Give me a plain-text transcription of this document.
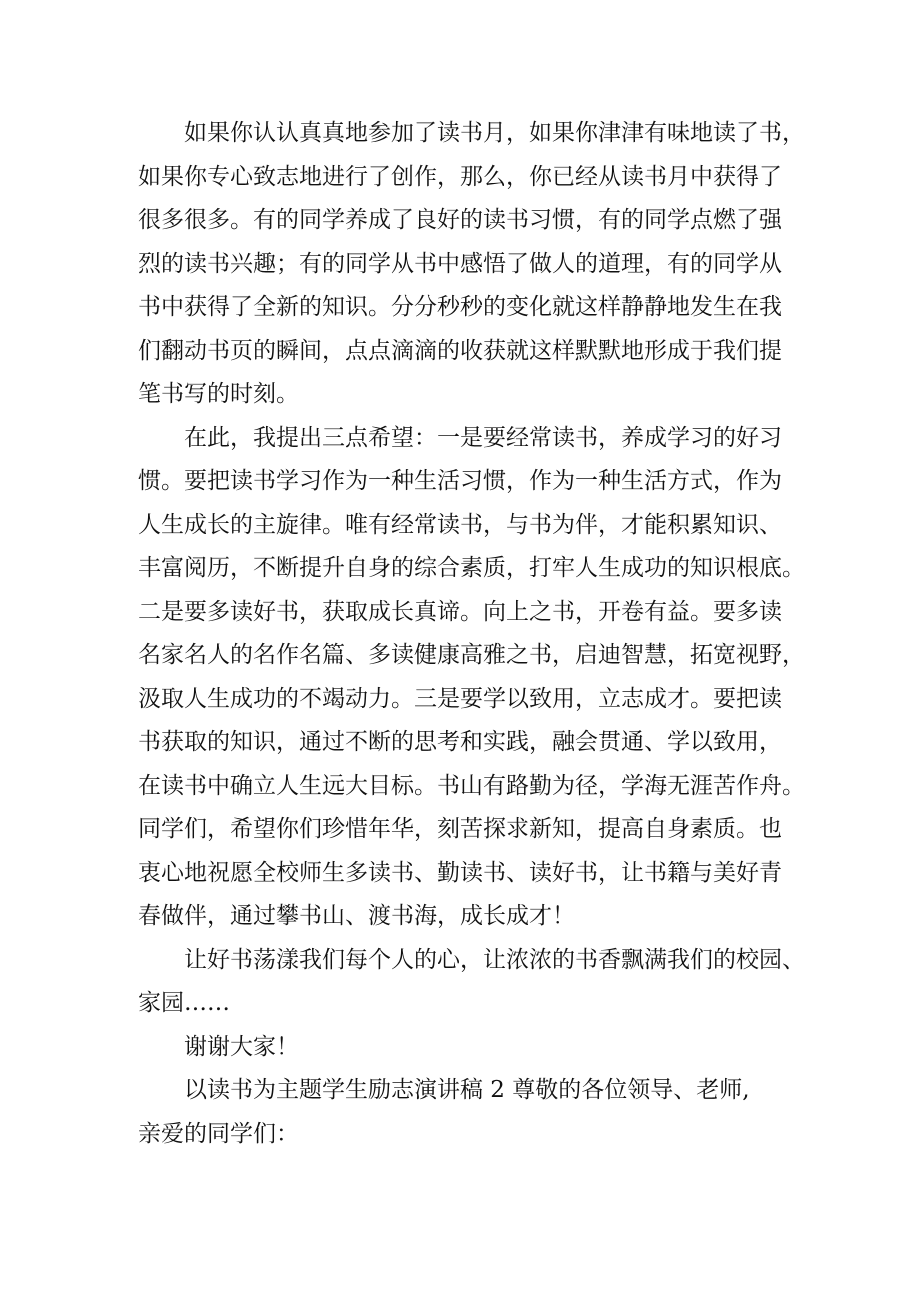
如果你认认真真地参加了读书月，如果你津津有味地读了书，
如果你专心致志地进行了创作，那么，你已经从读书月中获得了
很多很多。有的同学养成了良好的读书习惯，有的同学点燃了强
烈的读书兴趣；有的同学从书中感悟了做人的道理，有的同学从
书中获得了全新的知识。分分秒秒的变化就这样静静地发生在我
们翻动书页的瞬间，点点滴滴的收获就这样默默地形成于我们提
笔书写的时刻。
在此，我提出三点希望：一是要经常读书，养成学习的好习
惯。要把读书学习作为一种生活习惯，作为一种生活方式，作为
人生成长的主旋律。唯有经常读书，与书为伴，才能积累知识、
丰富阅历，不断提升自身的综合素质，打牢人生成功的知识根底。
二是要多读好书，获取成长真谛。向上之书，开卷有益。要多读
名家名人的名作名篇、多读健康高雅之书，启迪智慧，拓宽视野，
汲取人生成功的不竭动力。三是要学以致用，立志成才。要把读
书获取的知识，通过不断的思考和实践，融会贯通、学以致用，
在读书中确立人生远大目标。书山有路勤为径，学海无涯苦作舟。
同学们，希望你们珍惜年华，刻苦探求新知，提高自身素质。也
衷心地祝愿全校师生多读书、勤读书、读好书，让书籍与美好青
春做伴，通过攀书山、渡书海，成长成才！
让好书荡漾我们每个人的心，让浓浓的书香飘满我们的校园、
家园……
谢谢大家！
以读书为主题学生励志演讲稿 2 尊敬的各位领导、老师,
亲爱的同学们：
